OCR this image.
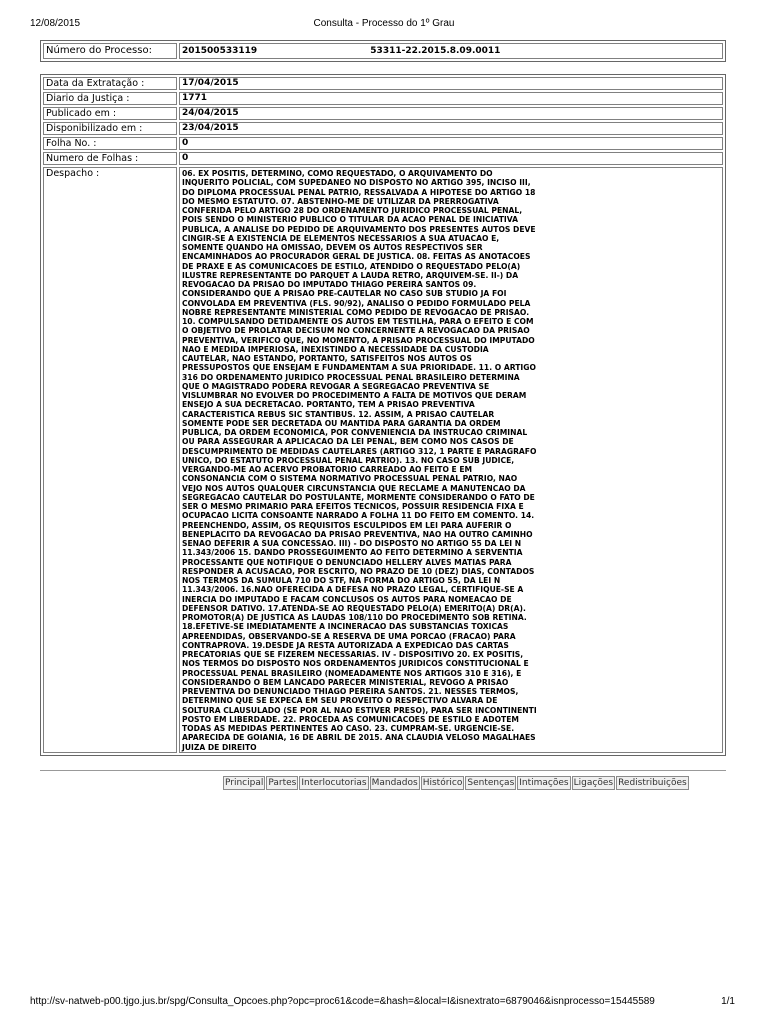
12/08/2015	Consulta - Processo do 1º Grau
Número do Processo:	201500533119	53311-22.2015.8.09.0011
Data da Extratação :	17/04/2015
Diario da Justiça :	1771
Publicado em :	24/04/2015
Disponibilizado em :	23/04/2015
Folha No. :	0
Numero de Folhas :	0
Despacho :	06. EX POSITIS, DETERMINO, COMO REQUESTADO, O ARQUIVAMENTO DO INQUERITO POLICIAL, COM SUPEDANEO NO DISPOSTO NO ARTIGO 395, INCISO III, DO DIPLOMA PROCESSUAL PENAL PATRIO, RESSALVADA A HIPOTESE DO ARTIGO 18 DO MESMO ESTATUTO. 07. ABSTENHO-ME DE UTILIZAR DA PRERROGATIVA CONFERIDA PELO ARTIGO 28 DO ORDENAMENTO JURIDICO PROCESSUAL PENAL, POIS SENDO O MINISTERIO PUBLICO O TITULAR DA ACAO PENAL DE INICIATIVA PUBLICA, A ANALISE DO PEDIDO DE ARQUIVAMENTO DOS PRESENTES AUTOS DEVE CINGIR-SE A EXISTENCIA DE ELEMENTOS NECESSARIOS A SUA ATUACAO E, SOMENTE QUANDO HA OMISSAO, DEVEM OS AUTOS RESPECTIVOS SER ENCAMINHADOS AO PROCURADOR GERAL DE JUSTICA. 08. FEITAS AS ANOTACOES DE PRAXE E AS COMUNICACOES DE ESTILO, ATENDIDO O REQUESTADO PELO(A) ILUSTRE REPRESENTANTE DO PARQUET A LAUDA RETRO, ARQUIVEM-SE. II-) DA REVOGACAO DA PRISAO DO IMPUTADO THIAGO PEREIRA SANTOS 09. CONSIDERANDO QUE A PRISAO PRE-CAUTELAR NO CASO SUB STUDIO JA FOI CONVOLADA EM PREVENTIVA (FLS. 90/92), ANALISO O PEDIDO FORMULADO PELA NOBRE REPRESENTANTE MINISTERIAL COMO PEDIDO DE REVOGACAO DE PRISAO. 10. COMPULSANDO DETIDAMENTE OS AUTOS EM TESTILHA, PARA O EFEITO E COM O OBJETIVO DE PROLATAR DECISUM NO CONCERNENTE A REVOGACAO DA PRISAO PREVENTIVA, VERIFICO QUE, NO MOMENTO, A PRISAO PROCESSUAL DO IMPUTADO NAO E MEDIDA IMPERIOSA, INEXISTINDO A NECESSIDADE DA CUSTODIA CAUTELAR, NAO ESTANDO, PORTANTO, SATISFEITOS NOS AUTOS OS PRESSUPOSTOS QUE ENSEJAM E FUNDAMENTAM A SUA PRIORIDADE. 11. O ARTIGO 316 DO ORDENAMENTO JURIDICO PROCESSUAL PENAL BRASILEIRO DETERMINA QUE O MAGISTRADO PODERA REVOGAR A SEGREGACAO PREVENTIVA SE VISLUMBRAR NO EVOLVER DO PROCEDIMENTO A FALTA DE MOTIVOS QUE DERAM ENSEJO A SUA DECRETACAO. PORTANTO, TEM A PRISAO PREVENTIVA CARACTERISTICA REBUS SIC STANTIBUS. 12. ASSIM, A PRISAO CAUTELAR SOMENTE PODE SER DECRETADA OU MANTIDA PARA GARANTIA DA ORDEM PUBLICA, DA ORDEM ECONOMICA, POR CONVENIENCIA DA INSTRUCAO CRIMINAL OU PARA ASSEGURAR A APLICACAO DA LEI PENAL, BEM COMO NOS CASOS DE DESCUMPRIMENTO DE MEDIDAS CAUTELARES (ARTIGO 312, 1 PARTE E PARAGRAFO UNICO, DO ESTATUTO PROCESSUAL PENAL PATRIO). 13. NO CASO SUB JUDICE, VERGANDO-ME AO ACERVO PROBATORIO CARREADO AO FEITO E EM CONSONANCIA COM O SISTEMA NORMATIVO PROCESSUAL PENAL PATRIO, NAO VEJO NOS AUTOS QUALQUER CIRCUNSTANCIA QUE RECLAME A MANUTENCAO DA SEGREGACAO CAUTELAR DO POSTULANTE, MORMENTE CONSIDERANDO O FATO DE SER O MESMO PRIMARIO PARA EFEITOS TECNICOS, POSSUIR RESIDENCIA FIXA E OCUPACAO LICITA CONSOANTE NARRADO A FOLHA 11 DO FEITO EM COMENTO. 14. PREENCHENDO, ASSIM, OS REQUISITOS ESCULPIDOS EM LEI PARA AUFERIR O BENEPLACITO DA REVOGACAO DA PRISAO PREVENTIVA, NAO HA OUTRO CAMINHO SENAO DEFERIR A SUA CONCESSAO. III) - DO DISPOSTO NO ARTIGO 55 DA LEI N 11.343/2006 15. DANDO PROSSEGUIMENTO AO FEITO DETERMINO A SERVENTIA PROCESSANTE QUE NOTIFIQUE O DENUNCIADO HELLERY ALVES MATIAS PARA RESPONDER A ACUSACAO, POR ESCRITO, NO PRAZO DE 10 (DEZ) DIAS, CONTADOS NOS TERMOS DA SUMULA 710 DO STF, NA FORMA DO ARTIGO 55, DA LEI N 11.343/2006. 16.NAO OFERECIDA A DEFESA NO PRAZO LEGAL, CERTIFIQUE-SE A INERCIA DO IMPUTADO E FACAM CONCLUSOS OS AUTOS PARA NOMEACAO DE DEFENSOR DATIVO. 17.ATENDA-SE AO REQUESTADO PELO(A) EMERITO(A) DR(A). PROMOTOR(A) DE JUSTICA AS LAUDAS 108/110 DO PROCEDIMENTO SOB RETINA. 18.EFETIVE-SE IMEDIATAMENTE A INCINERACAO DAS SUBSTANCIAS TOXICAS APREENDIDAS, OBSERVANDO-SE A RESERVA DE UMA PORCAO (FRACAO) PARA CONTRAPROVA. 19.DESDE JA RESTA AUTORIZADA A EXPEDICAO DAS CARTAS PRECATORIAS QUE SE FIZEREM NECESSARIAS. IV - DISPOSITIVO 20. EX POSITIS, NOS TERMOS DO DISPOSTO NOS ORDENAMENTOS JURIDICOS CONSTITUCIONAL E PROCESSUAL PENAL BRASILEIRO (NOMEADAMENTE NOS ARTIGOS 310 E 316), E CONSIDERANDO O BEM LANCADO PARECER MINISTERIAL, REVOGO A PRISAO PREVENTIVA DO DENUNCIADO THIAGO PEREIRA SANTOS. 21. NESSES TERMOS, DETERMINO QUE SE EXPECA EM SEU PROVEITO O RESPECTIVO ALVARA DE SOLTURA CLAUSULADO (SE POR AL NAO ESTIVER PRESO), PARA SER INCONTINENTI POSTO EM LIBERDADE. 22. PROCEDA AS COMUNICACOES DE ESTILO E ADOTEM TODAS AS MEDIDAS PERTINENTES AO CASO. 23. CUMPRAM-SE. URGENCIE-SE. APARECIDA DE GOIANIA, 16 DE ABRIL DE 2015. ANA CLAUDIA VELOSO MAGALHAES JUIZA DE DIREITO
Principal Partes Interlocutorias Mandados Histórico Sentenças Intimações Ligações Redistribuições
http://sv-natweb-p00.tjgo.jus.br/spg/Consulta_Opcoes.php?opc=proc61&code=&hash=&local=I&isnextrato=6879046&isnprocesso=15445589	1/1
